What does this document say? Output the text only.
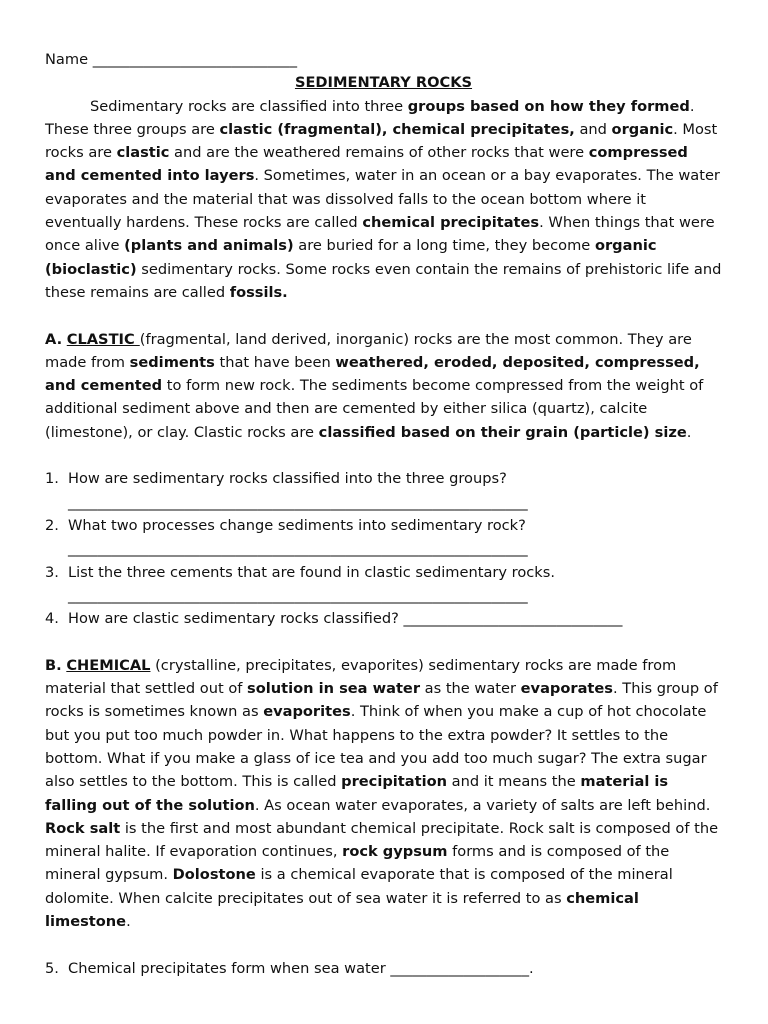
Name ____________________________

SEDIMENTARY ROCKS

Sedimentary rocks are classified into three groups based on how they formed. These three groups are clastic (fragmental), chemical precipitates, and organic. Most rocks are clastic and are the weathered remains of other rocks that were compressed and cemented into layers. Sometimes, water in an ocean or a bay evaporates. The water evaporates and the material that was dissolved falls to the ocean bottom where it eventually hardens. These rocks are called chemical precipitates. When things that were once alive (plants and animals) are buried for a long time, they become organic (bioclastic) sedimentary rocks. Some rocks even contain the remains of prehistoric life and these remains are called fossils.

A. CLASTIC (fragmental, land derived, inorganic) rocks are the most common. They are made from sediments that have been weathered, eroded, deposited, compressed, and cemented to form new rock. The sediments become compressed from the weight of additional sediment above and then are cemented by either silica (quartz), calcite (limestone), or clay. Clastic rocks are classified based on their grain (particle) size.

1. How are sedimentary rocks classified into the three groups?
_______________________________________________________________
2. What two processes change sediments into sedimentary rock?
_______________________________________________________________
3. List the three cements that are found in clastic sedimentary rocks.
_______________________________________________________________
4. How are clastic sedimentary rocks classified? ______________________________

B. CHEMICAL (crystalline, precipitates, evaporites) sedimentary rocks are made from material that settled out of solution in sea water as the water evaporates. This group of rocks is sometimes known as evaporites. Think of when you make a cup of hot chocolate but you put too much powder in. What happens to the extra powder? It settles to the bottom. What if you make a glass of ice tea and you add too much sugar? The extra sugar also settles to the bottom. This is called precipitation and it means the material is falling out of the solution. As ocean water evaporates, a variety of salts are left behind. Rock salt is the first and most abundant chemical precipitate. Rock salt is composed of the mineral halite. If evaporation continues, rock gypsum forms and is composed of the mineral gypsum. Dolostone is a chemical evaporate that is composed of the mineral dolomite. When calcite precipitates out of sea water it is referred to as chemical limestone.

5. Chemical precipitates form when sea water ___________________.
